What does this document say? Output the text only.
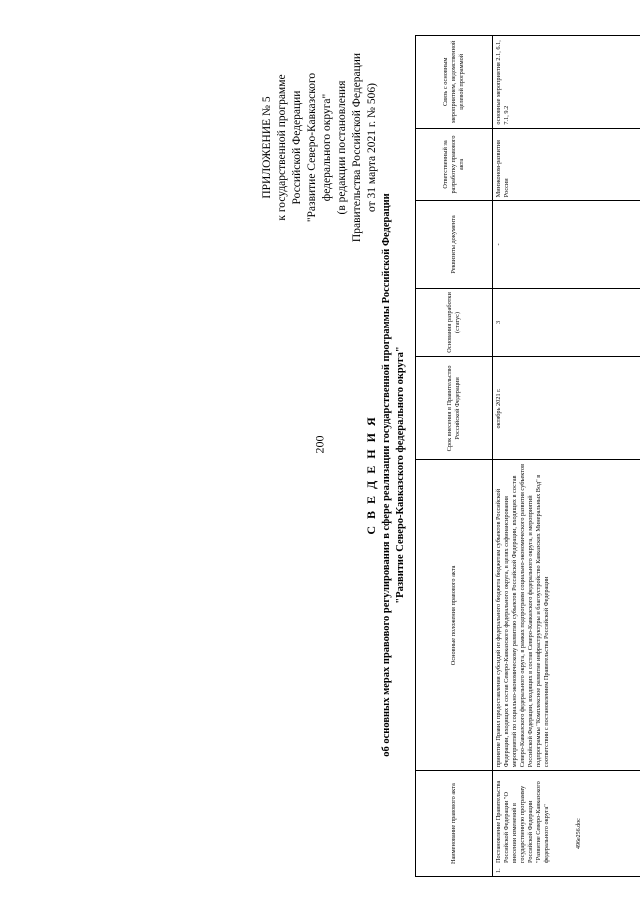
200
496e256.doc
ПРИЛОЖЕНИЕ № 5 к государственной программе Российской Федерации "Развитие Северо-Кавказского федерального округа" (в редакции постановления Правительства Российской Федерации от 31 марта 2021 г. № 506)
С В Е Д Е Н И Я об основных мерах правового регулирования в сфере реализации государственной программы Российской Федерации "Развитие Северо-Кавказского федерального округа"
Наименование правового акта	Основные положения правового акта	Срок внесения в Правительство Российской Федерации	Основания разработки (статус)	Реквизиты документа	Ответственный за разработку правового акта	Связь с основным мероприятием, ведомственной целевой программой
1.Постановление Правительства Российской Федерации "О внесении изменений в государственную программу Российской Федерации "Развитие Северо-Кавказского федерального округа"	принятие Правил предоставления субсидий из федерального бюджета бюджетам субъектов Российской Федерации, входящих в состав Северо-Кавказского федерального округа, в целях софинансирования мероприятий по социально-экономическому развитию субъектов Российской Федерации, входящих в состав Северо-Кавказского федерального округа, в рамках подпрограмм социально-экономического развития субъектов Российской Федерации, входящих в состав Северо-Кавказского федерального округа, и мероприятий подпрограммы "Комплексное развитие инфраструктуры и благоустройство Кавказских Минеральных Вод" в соответствии с постановлением Правительства Российской Федерации	октябрь 2021 г.	3	-	Минэконом-развития России	основные мероприятия 2.1, 6.1, 7.1, 9.2
